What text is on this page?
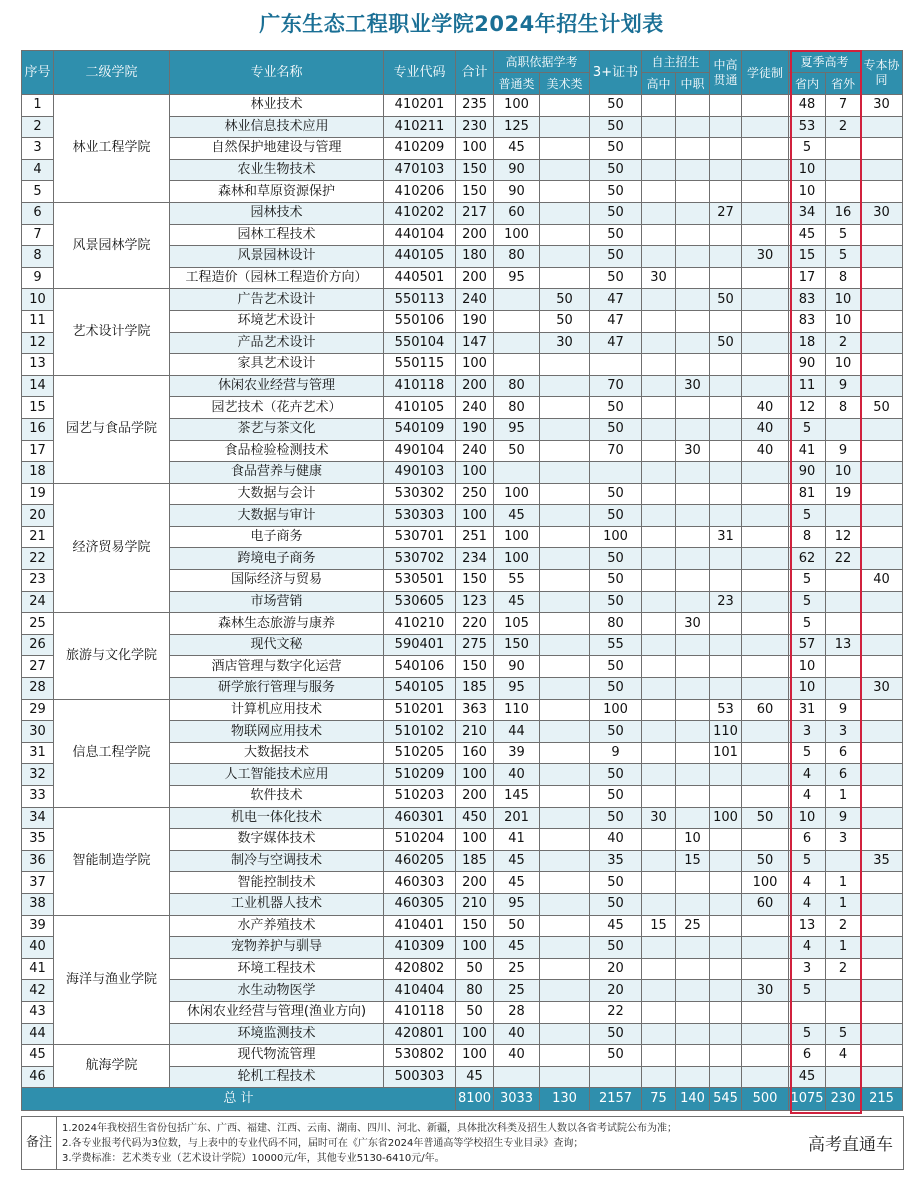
广东生态工程职业学院2024年招生计划表
序号	二级学院	专业名称	专业代码	合计	高职依据学考		3+证书	自主招生		中高贯通	学徒制	夏季高考		专本协同
					普通类	美术类		高中	中职			省内	省外	
1	林业工程学院	林业技术	410201	235	100		50					48	7	30
2		林业信息技术应用	410211	230	125		50					53	2	
3		自然保护地建设与管理	410209	100	45		50					5		
4		农业生物技术	470103	150	90		50					10		
5		森林和草原资源保护	410206	150	90		50					10		
6	风景园林学院	园林技术	410202	217	60		50			27		34	16	30
7		园林工程技术	440104	200	100		50					45	5	
8		风景园林设计	440105	180	80		50				30	15	5	
9		工程造价（园林工程造价方向）	440501	200	95		50	30				17	8	
10	艺术设计学院	广告艺术设计	550113	240		50	47			50		83	10	
11		环境艺术设计	550106	190		50	47					83	10	
12		产品艺术设计	550104	147		30	47			50		18	2	
13		家具艺术设计	550115	100								90	10	
14	园艺与食品学院	休闲农业经营与管理	410118	200	80		70		30			11	9	
15		园艺技术（花卉艺术）	410105	240	80		50				40	12	8	50
16		茶艺与茶文化	540109	190	95		50				40	5		
17		食品检验检测技术	490104	240	50		70		30		40	41	9	
18		食品营养与健康	490103	100								90	10	
19	经济贸易学院	大数据与会计	530302	250	100		50					81	19	
20		大数据与审计	530303	100	45		50					5		
21		电子商务	530701	251	100		100			31		8	12	
22		跨境电子商务	530702	234	100		50					62	22	
23		国际经济与贸易	530501	150	55		50					5		40
24		市场营销	530605	123	45		50			23		5		
25	旅游与文化学院	森林生态旅游与康养	410210	220	105		80		30			5		
26		现代文秘	590401	275	150		55					57	13	
27		酒店管理与数字化运营	540106	150	90		50					10		
28		研学旅行管理与服务	540105	185	95		50					10		30
29	信息工程学院	计算机应用技术	510201	363	110		100			53	60	31	9	
30		物联网应用技术	510102	210	44		50			110		3	3	
31		大数据技术	510205	160	39		9			101		5	6	
32		人工智能技术应用	510209	100	40		50					4	6	
33		软件技术	510203	200	145		50					4	1	
34	智能制造学院	机电一体化技术	460301	450	201		50	30		100	50	10	9	
35		数字媒体技术	510204	100	41		40		10			6	3	
36		制冷与空调技术	460205	185	45		35		15		50	5		35
37		智能控制技术	460303	200	45		50				100	4	1	
38		工业机器人技术	460305	210	95		50				60	4	1	
39	海洋与渔业学院	水产养殖技术	410401	150	50		45	15	25			13	2	
40		宠物养护与驯导	410309	100	45		50					4	1	
41		环境工程技术	420802	50	25		20					3	2	
42		水生动物医学	410404	80	25		20				30	5		
43		休闲农业经营与管理(渔业方向)	410118	50	28		22							
44		环境监测技术	420801	100	40		50					5	5	
45	航海学院	现代物流管理	530802	100	40		50					6	4	
46		轮机工程技术	500303	45								45		
总 计				8100	3033	130	2157	75	140	545	500	1075	230	215
备注
1.2024年我校招生省份包括广东、广西、福建、江西、云南、湖南、四川、河北、新疆，具体批次科类及招生人数以各省考试院公布为准；
2.各专业报考代码为3位数，与上表中的专业代码不同，届时可在《广东省2024年普通高等学校招生专业目录》查询；
3.学费标准：艺术类专业（艺术设计学院）10000元/年，其他专业5130-6410元/年。
高考直通车
